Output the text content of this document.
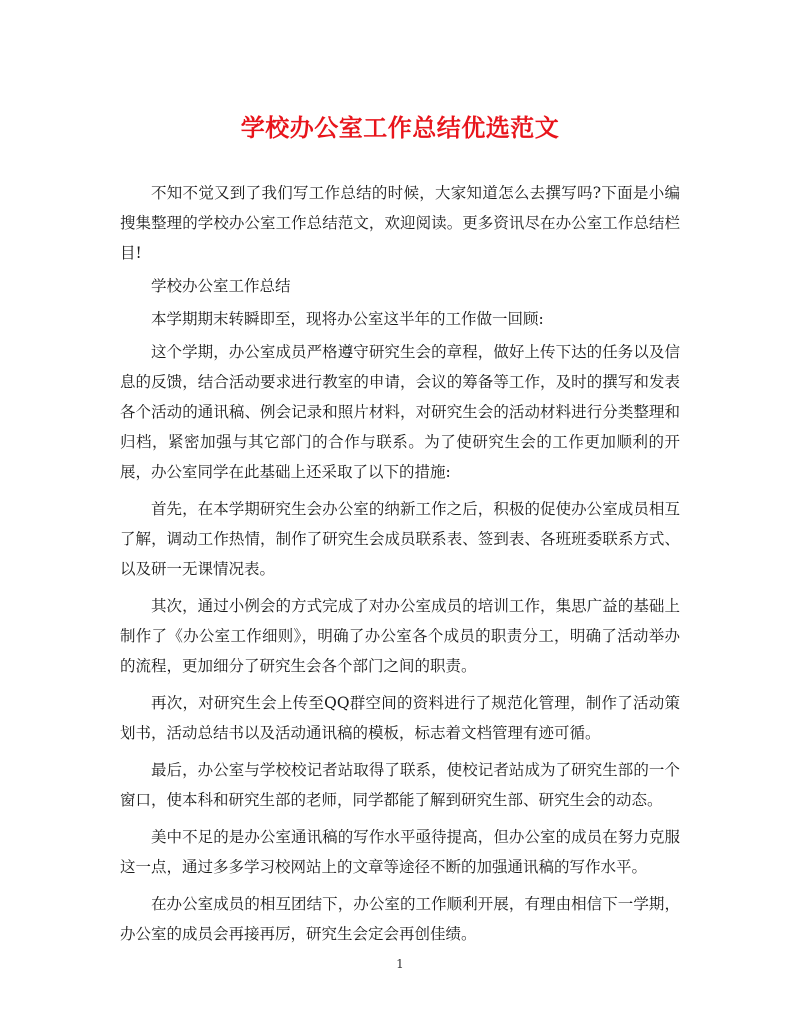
学校办公室工作总结优选范文

不知不觉又到了我们写工作总结的时候，大家知道怎么去撰写吗?下面是小编搜集整理的学校办公室工作总结范文，欢迎阅读。更多资讯尽在办公室工作总结栏目!

学校办公室工作总结

本学期期末转瞬即至，现将办公室这半年的工作做一回顾:

这个学期，办公室成员严格遵守研究生会的章程，做好上传下达的任务以及信息的反馈，结合活动要求进行教室的申请，会议的筹备等工作，及时的撰写和发表各个活动的通讯稿、例会记录和照片材料，对研究生会的活动材料进行分类整理和归档，紧密加强与其它部门的合作与联系。为了使研究生会的工作更加顺利的开展，办公室同学在此基础上还采取了以下的措施:

首先，在本学期研究生会办公室的纳新工作之后，积极的促使办公室成员相互了解，调动工作热情，制作了研究生会成员联系表、签到表、各班班委联系方式、以及研一无课情况表。

其次，通过小例会的方式完成了对办公室成员的培训工作，集思广益的基础上制作了《办公室工作细则》，明确了办公室各个成员的职责分工，明确了活动举办的流程，更加细分了研究生会各个部门之间的职责。

再次，对研究生会上传至QQ群空间的资料进行了规范化管理，制作了活动策划书，活动总结书以及活动通讯稿的模板，标志着文档管理有迹可循。

最后，办公室与学校校记者站取得了联系，使校记者站成为了研究生部的一个窗口，使本科和研究生部的老师，同学都能了解到研究生部、研究生会的动态。

美中不足的是办公室通讯稿的写作水平亟待提高，但办公室的成员在努力克服这一点，通过多多学习校网站上的文章等途径不断的加强通讯稿的写作水平。

在办公室成员的相互团结下，办公室的工作顺利开展，有理由相信下一学期，办公室的成员会再接再厉，研究生会定会再创佳绩。

1
